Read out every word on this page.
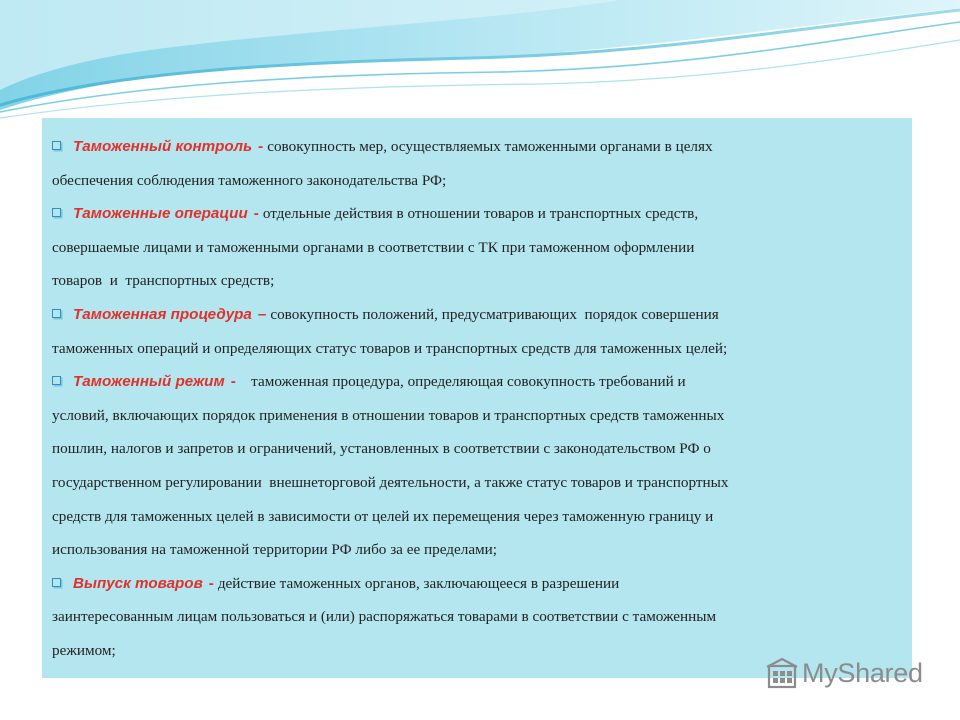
Таможенный контроль - совокупность мер, осуществляемых таможенными органами в целях
обеспечения соблюдения таможенного законодательства РФ;
Таможенные операции - отдельные действия в отношении товаров и транспортных средств,
совершаемые лицами и таможенными органами в соответствии с ТК при таможенном оформлении
товаров  и  транспортных средств;
Таможенная процедура – совокупность положений, предусматривающих  порядок совершения
таможенных операций и определяющих статус товаров и транспортных средств для таможенных целей;
Таможенный режим -   таможенная процедура, определяющая совокупность требований и
условий, включающих порядок применения в отношении товаров и транспортных средств таможенных
пошлин, налогов и запретов и ограничений, установленных в соответствии с законодательством РФ о
государственном регулировании  внешнеторговой деятельности, а также статус товаров и транспортных
средств для таможенных целей в зависимости от целей их перемещения через таможенную границу и
использования на таможенной территории РФ либо за ее пределами;
Выпуск товаров - действие таможенных органов, заключающееся в разрешении
заинтересованным лицам пользоваться и (или) распоряжаться товарами в соответствии с таможенным
режимом;
MyShared
